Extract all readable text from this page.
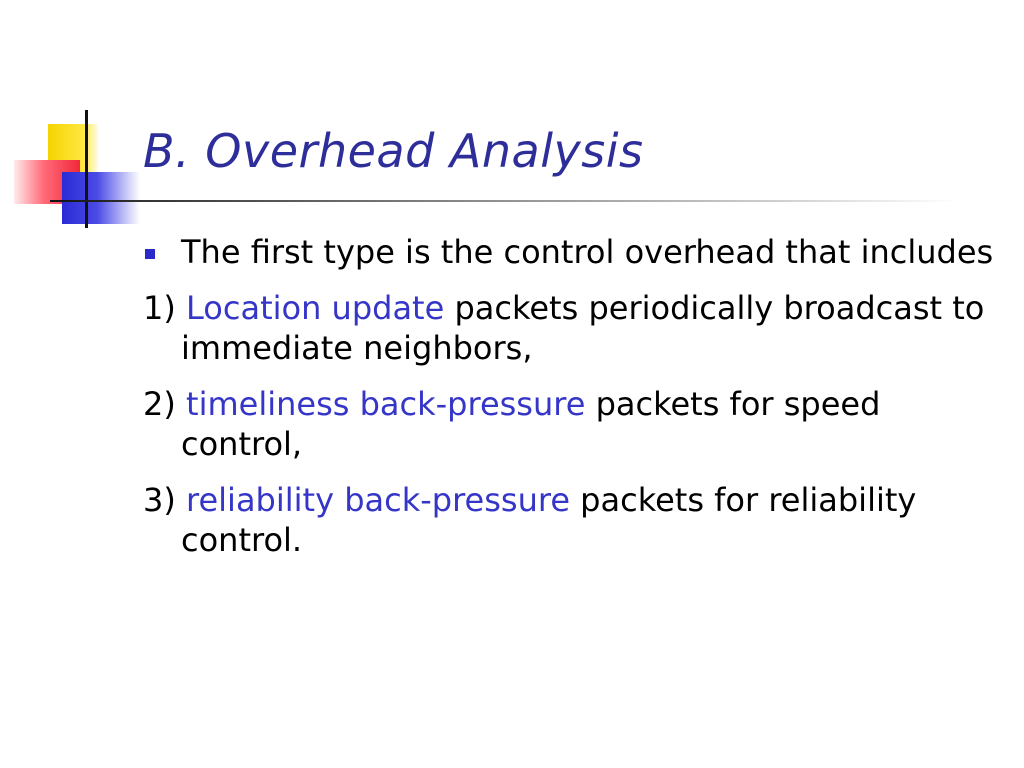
B. Overhead Analysis

The first type is the control overhead that includes

1) Location update packets periodically broadcast to immediate neighbors,

2) timeliness back-pressure packets for speed control,

3) reliability back-pressure packets for reliability control.
